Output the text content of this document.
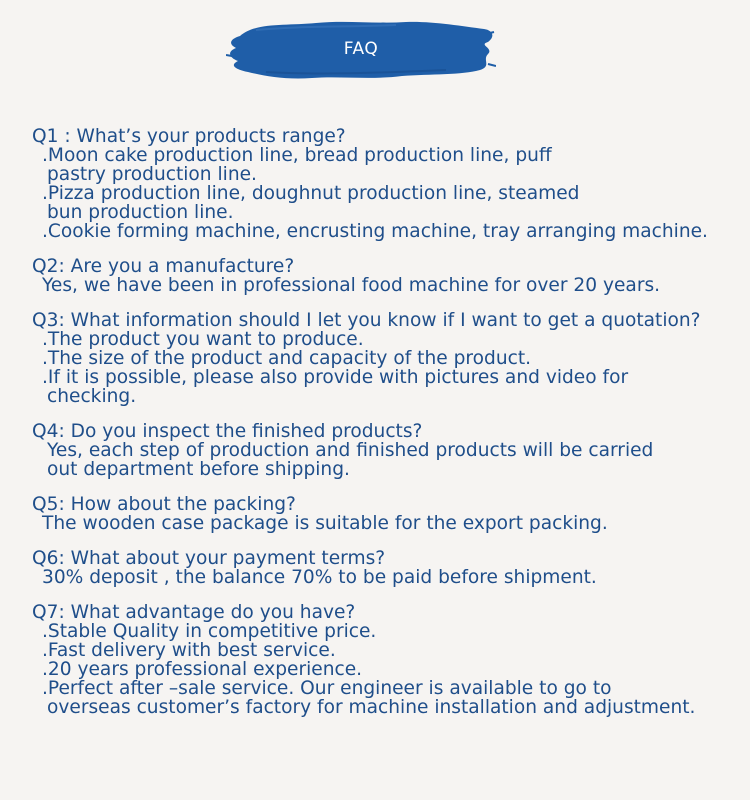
FAQ
Q1 : What’s your products range?
.Moon cake production line, bread production line, puff
pastry production line.
.Pizza production line, doughnut production line, steamed
bun production line.
.Cookie forming machine, encrusting machine, tray arranging machine.
Q2: Are you a manufacture?
Yes, we have been in professional food machine for over 20 years.
Q3: What information should I let you know if I want to get a quotation?
.The product you want to produce.
.The size of the product and capacity of the product.
.If it is possible, please also provide with pictures and video for
checking.
Q4: Do you inspect the finished products?
Yes, each step of production and finished products will be carried
out department before shipping.
Q5: How about the packing?
The wooden case package is suitable for the export packing.
Q6: What about your payment terms?
30% deposit , the balance 70% to be paid before shipment.
Q7: What advantage do you have?
.Stable Quality in competitive price.
.Fast delivery with best service.
.20 years professional experience.
.Perfect after –sale service. Our engineer is available to go to
overseas customer’s factory for machine installation and adjustment.
